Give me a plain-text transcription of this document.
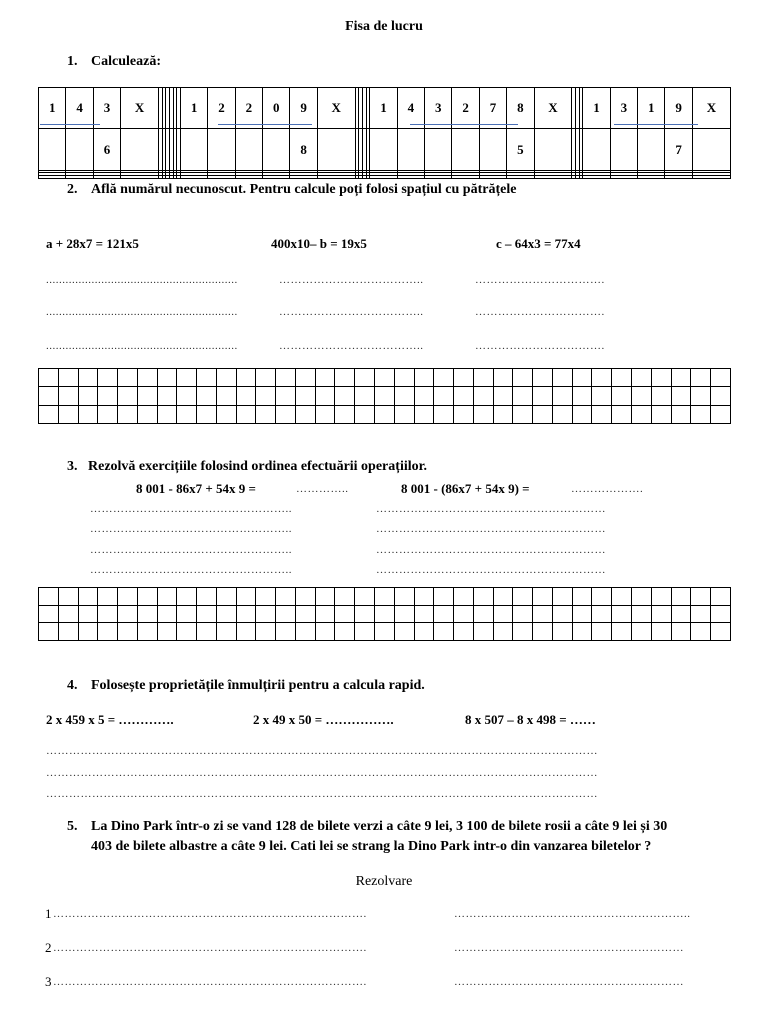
Fisa de lucru
1. Calculează:
1	4	3	X							1	2	2	0	9	X					1	4	3	2	7	8	X				1	3	1	9	X
		6												8											5								7	

2. Află numărul necunoscut. Pentru calcule poți folosi spațiul cu pătrățele
a + 28x7 = 121x5	400x10– b = 19x5	c – 64x3 = 77x4
...........................................................	………………………………..	…………………………….
...........................................................	………………………………..	…………………………….
...........................................................	………………………………..	…………………………….

3. Rezolvă exercițiile folosind ordinea efectuării operațiilor.
8 001 - 86x7 + 54x 9 =	…………..	8 001 - (86x7 + 54x 9) =	……………….
……………………………………………..	……………………………………………………
……………………………………………..	……………………………………………………
……………………………………………..	……………………………………………………
……………………………………………..	……………………………………………………

4. Folosește proprietățile înmulțirii pentru a calcula rapid.
2 x 459 x 5 = ………….	2 x 49 x 50 = …………….	8 x 507 – 8 x 498 = ……
………………………………………………………………………………………………………………………………
………………………………………………………………………………………………………………………………
………………………………………………………………………………………………………………………………
5. La Dino Park într-o zi se vand 128 de bilete verzi a câte 9 lei, 3 100 de bilete rosii a câte 9 lei și 30
403 de bilete albastre a câte 9 lei. Cati lei se strang la Dino Park intr-o din vanzarea biletelor ?
Rezolvare
1 ……………………………………………………………………….	……………………………………………………..
2 ……………………………………………………………………….	……………………………………………………
3 ……………………………………………………………………….	……………………………………………………
